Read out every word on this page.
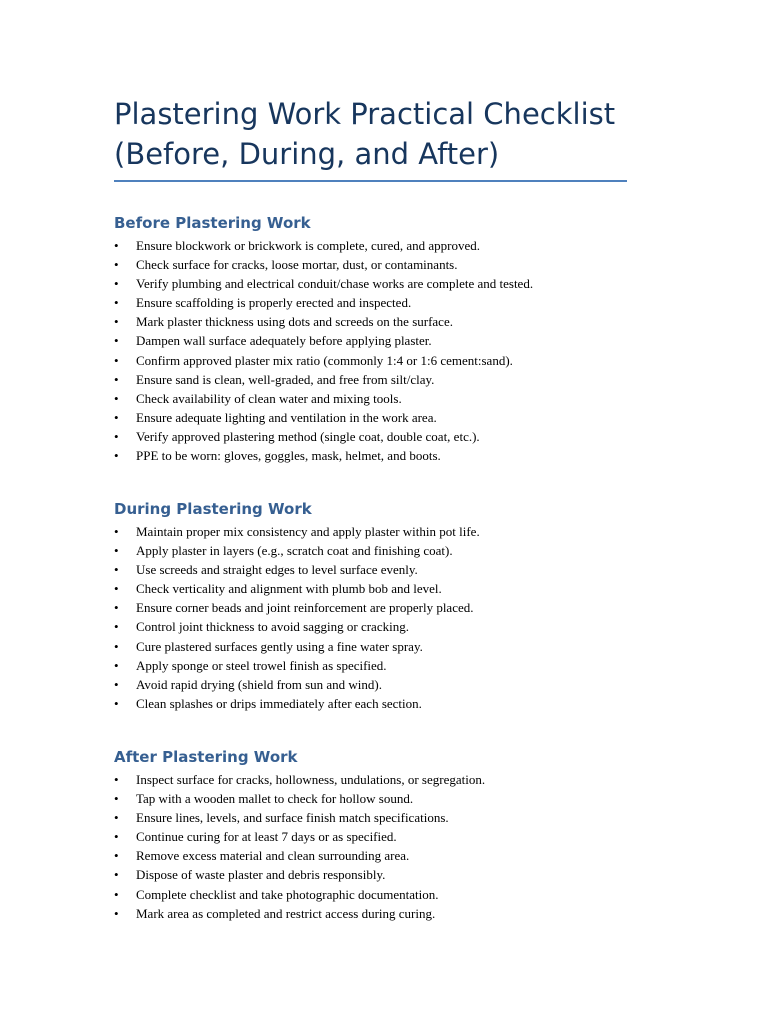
Plastering Work Practical Checklist
(Before, During, and After)
Before Plastering Work
•	Ensure blockwork or brickwork is complete, cured, and approved.
•	Check surface for cracks, loose mortar, dust, or contaminants.
•	Verify plumbing and electrical conduit/chase works are complete and tested.
•	Ensure scaffolding is properly erected and inspected.
•	Mark plaster thickness using dots and screeds on the surface.
•	Dampen wall surface adequately before applying plaster.
•	Confirm approved plaster mix ratio (commonly 1:4 or 1:6 cement:sand).
•	Ensure sand is clean, well-graded, and free from silt/clay.
•	Check availability of clean water and mixing tools.
•	Ensure adequate lighting and ventilation in the work area.
•	Verify approved plastering method (single coat, double coat, etc.).
•	PPE to be worn: gloves, goggles, mask, helmet, and boots.
During Plastering Work
•	Maintain proper mix consistency and apply plaster within pot life.
•	Apply plaster in layers (e.g., scratch coat and finishing coat).
•	Use screeds and straight edges to level surface evenly.
•	Check verticality and alignment with plumb bob and level.
•	Ensure corner beads and joint reinforcement are properly placed.
•	Control joint thickness to avoid sagging or cracking.
•	Cure plastered surfaces gently using a fine water spray.
•	Apply sponge or steel trowel finish as specified.
•	Avoid rapid drying (shield from sun and wind).
•	Clean splashes or drips immediately after each section.
After Plastering Work
•	Inspect surface for cracks, hollowness, undulations, or segregation.
•	Tap with a wooden mallet to check for hollow sound.
•	Ensure lines, levels, and surface finish match specifications.
•	Continue curing for at least 7 days or as specified.
•	Remove excess material and clean surrounding area.
•	Dispose of waste plaster and debris responsibly.
•	Complete checklist and take photographic documentation.
•	Mark area as completed and restrict access during curing.
